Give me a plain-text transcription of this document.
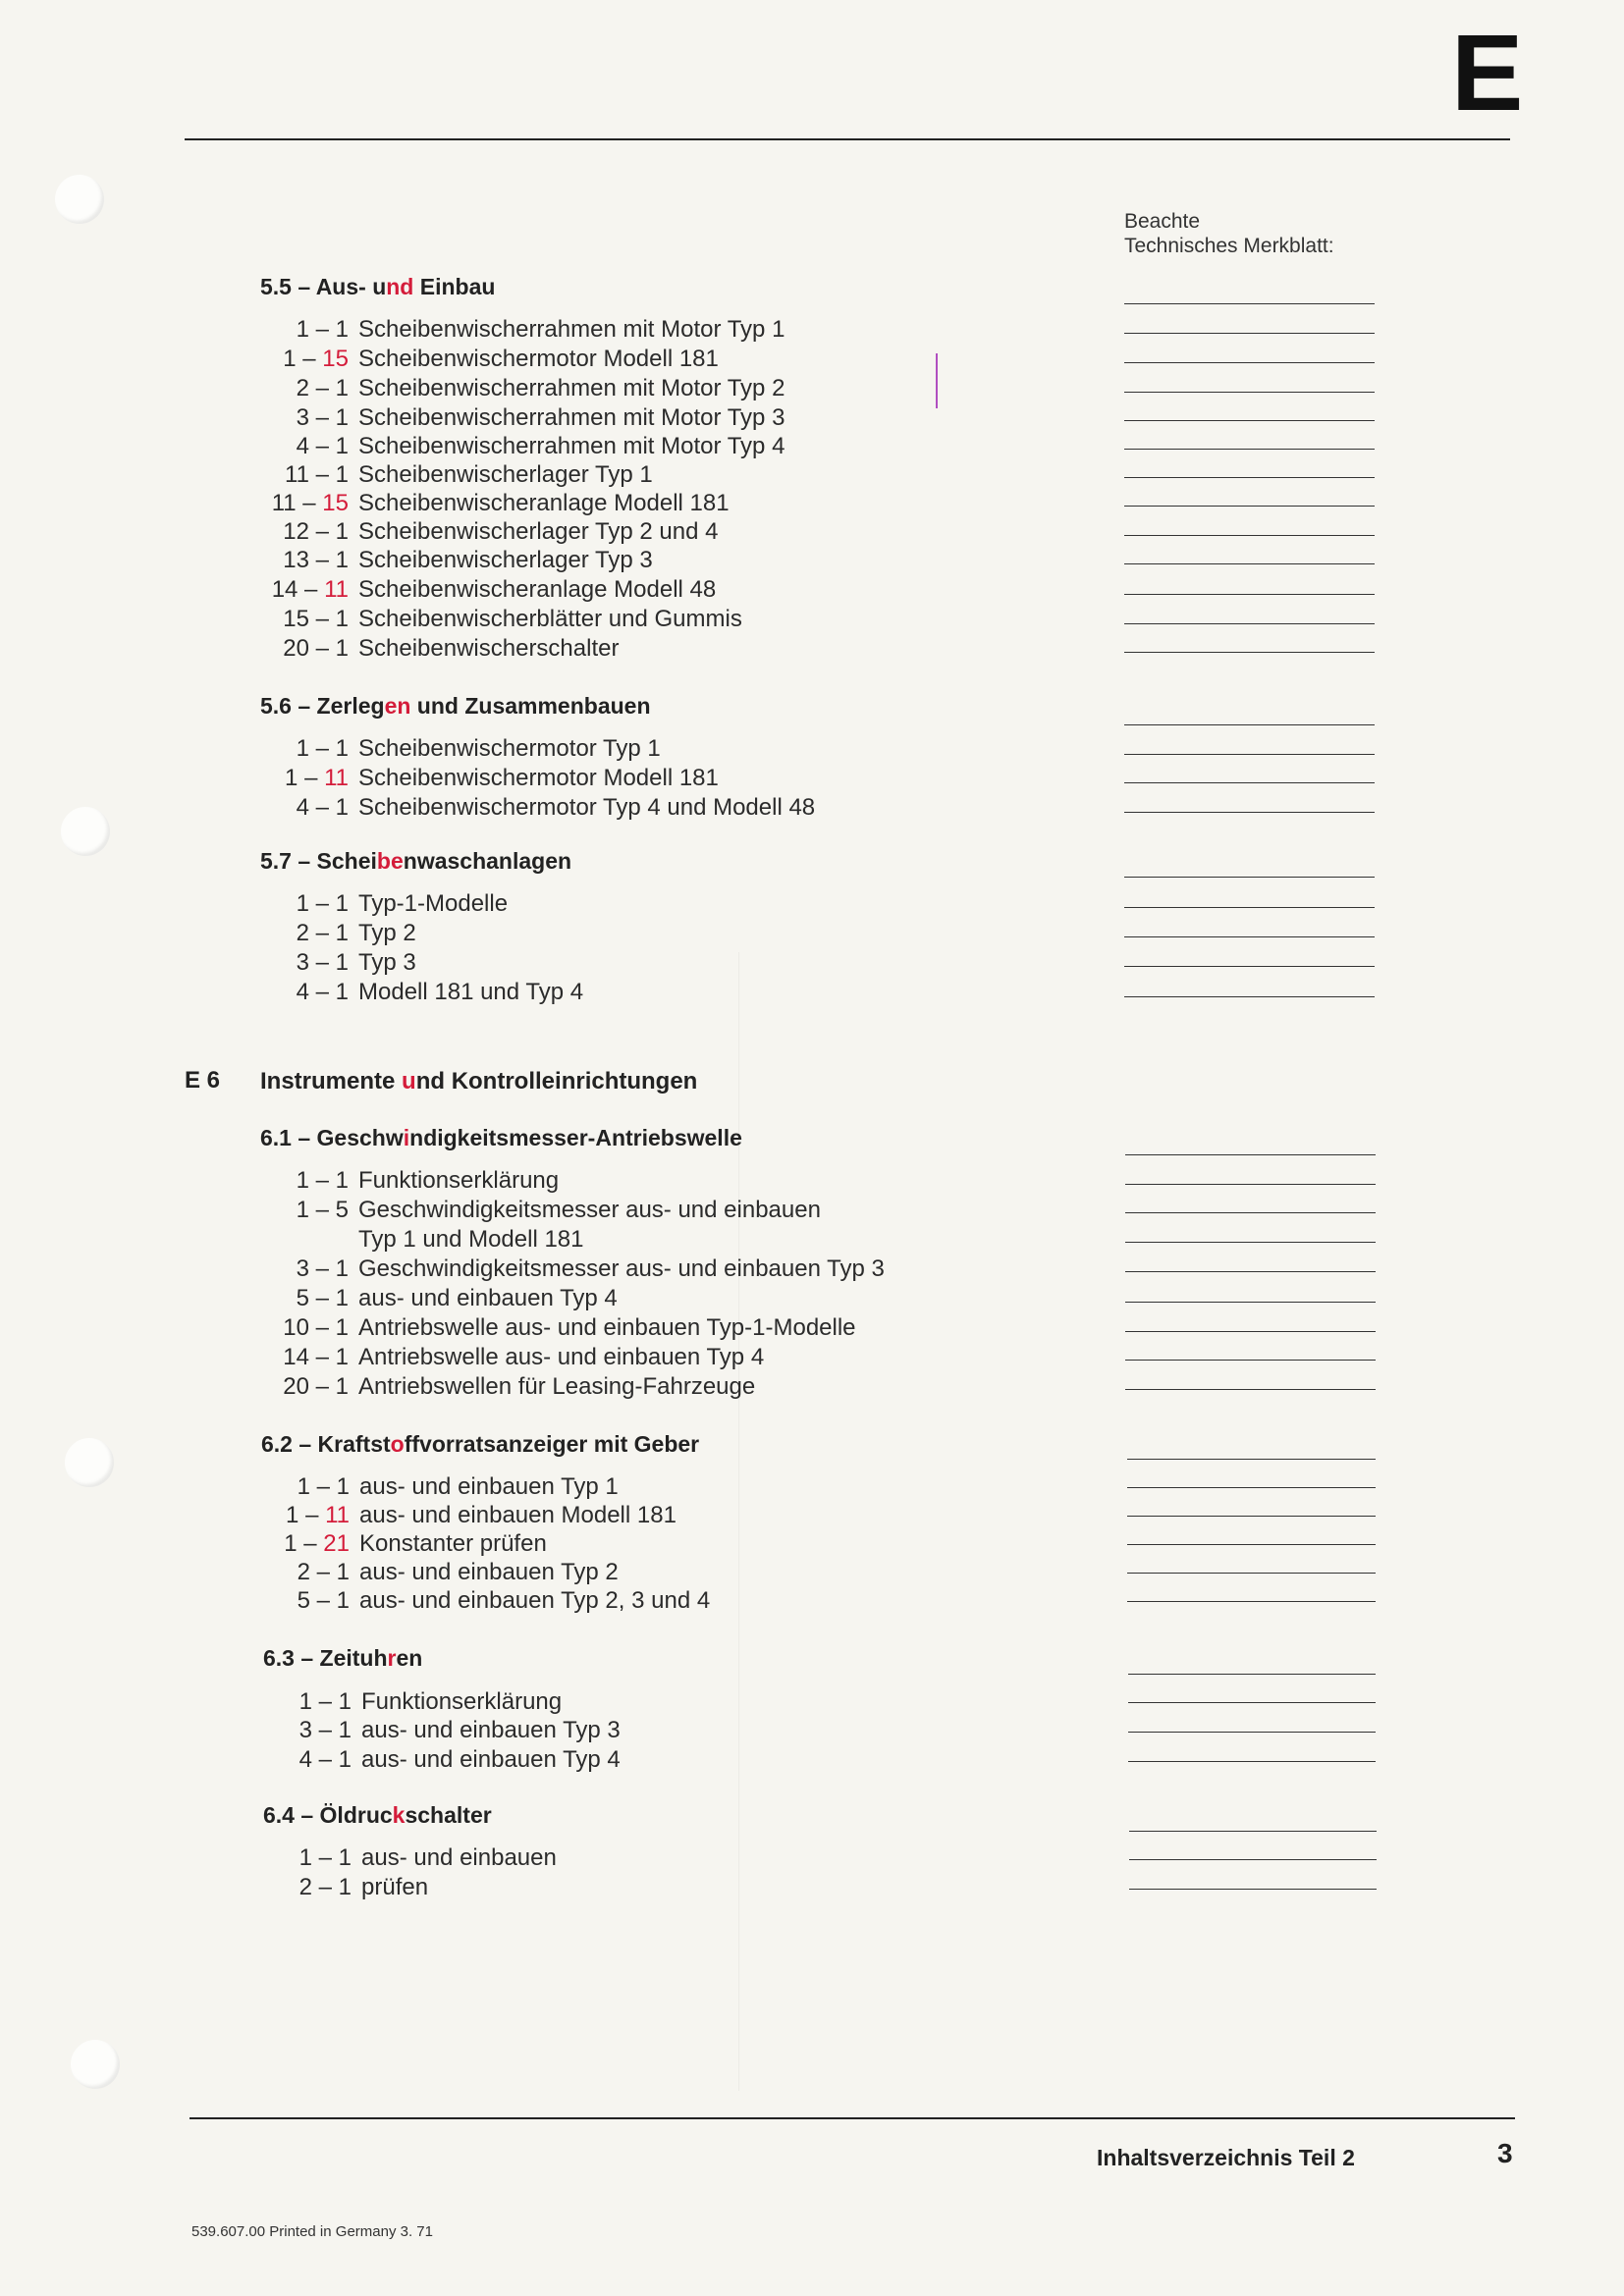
E
Beachte
Technisches Merkblatt:
5.5 – Aus- und Einbau
1 – 1 Scheibenwischerrahmen mit Motor Typ 1
1 – 15 Scheibenwischermotor Modell 181
2 – 1 Scheibenwischerrahmen mit Motor Typ 2
3 – 1 Scheibenwischerrahmen mit Motor Typ 3
4 – 1 Scheibenwischerrahmen mit Motor Typ 4
11 – 1 Scheibenwischerlager Typ 1
11 – 15 Scheibenwischeranlage Modell 181
12 – 1 Scheibenwischerlager Typ 2 und 4
13 – 1 Scheibenwischerlager Typ 3
14 – 11 Scheibenwischeranlage Modell 48
15 – 1 Scheibenwischerblätter und Gummis
20 – 1 Scheibenwischerschalter
5.6 – Zerlegen und Zusammenbauen
1 – 1 Scheibenwischermotor Typ 1
1 – 11 Scheibenwischermotor Modell 181
4 – 1 Scheibenwischermotor Typ 4 und Modell 48
5.7 – Scheibenwaschanlagen
1 – 1 Typ-1-Modelle
2 – 1 Typ 2
3 – 1 Typ 3
4 – 1 Modell 181 und Typ 4
6.1 – Geschwindigkeitsmesser-Antriebswelle
1 – 1 Funktionserklärung
1 – 5 Geschwindigkeitsmesser aus- und einbauen
Typ 1 und Modell 181
3 – 1 Geschwindigkeitsmesser aus- und einbauen Typ 3
5 – 1 aus- und einbauen Typ 4
10 – 1 Antriebswelle aus- und einbauen Typ-1-Modelle
14 – 1 Antriebswelle aus- und einbauen Typ 4
20 – 1 Antriebswellen für Leasing-Fahrzeuge
6.2 – Kraftstoffvorratsanzeiger mit Geber
1 – 1 aus- und einbauen Typ 1
1 – 11 aus- und einbauen Modell 181
1 – 21 Konstanter prüfen
2 – 1 aus- und einbauen Typ 2
5 – 1 aus- und einbauen Typ 2, 3 und 4
6.3 – Zeituhren
1 – 1 Funktionserklärung
3 – 1 aus- und einbauen Typ 3
4 – 1 aus- und einbauen Typ 4
6.4 – Öldruckschalter
1 – 1 aus- und einbauen
2 – 1 prüfen
E 6 Instrumente und Kontrolleinrichtungen
Inhaltsverzeichnis Teil 2	3
539.607.00 Printed in Germany 3. 71
